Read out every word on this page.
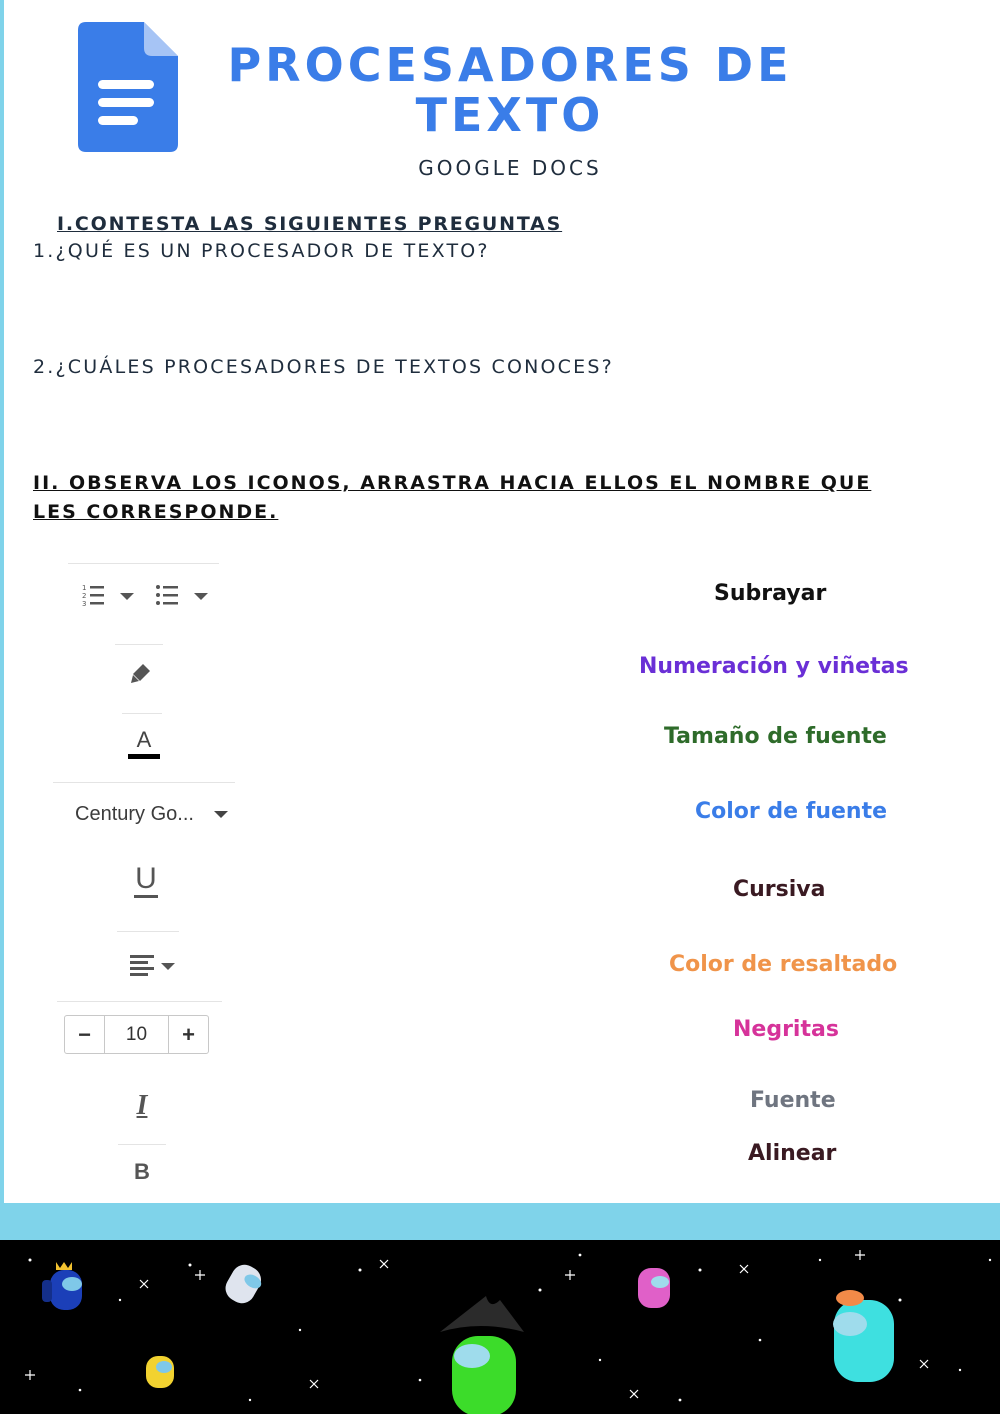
PROCESADORES DE
TEXTO
GOOGLE DOCS
I.CONTESTA LAS SIGUIENTES PREGUNTAS
1.¿QUÉ ES UN PROCESADOR DE TEXTO?
2.¿CUÁLES PROCESADORES DE TEXTOS CONOCES?
II. OBSERVA LOS ICONOS, ARRASTRA HACIA ELLOS EL NOMBRE QUE
LES CORRESPONDE.
1
2
3
A
Century Go...
U
−	10	+
I
B
Subrayar
Numeración y viñetas
Tamaño de fuente
Color de fuente
Cursiva
Color de resaltado
Negritas
Fuente
Alinear
